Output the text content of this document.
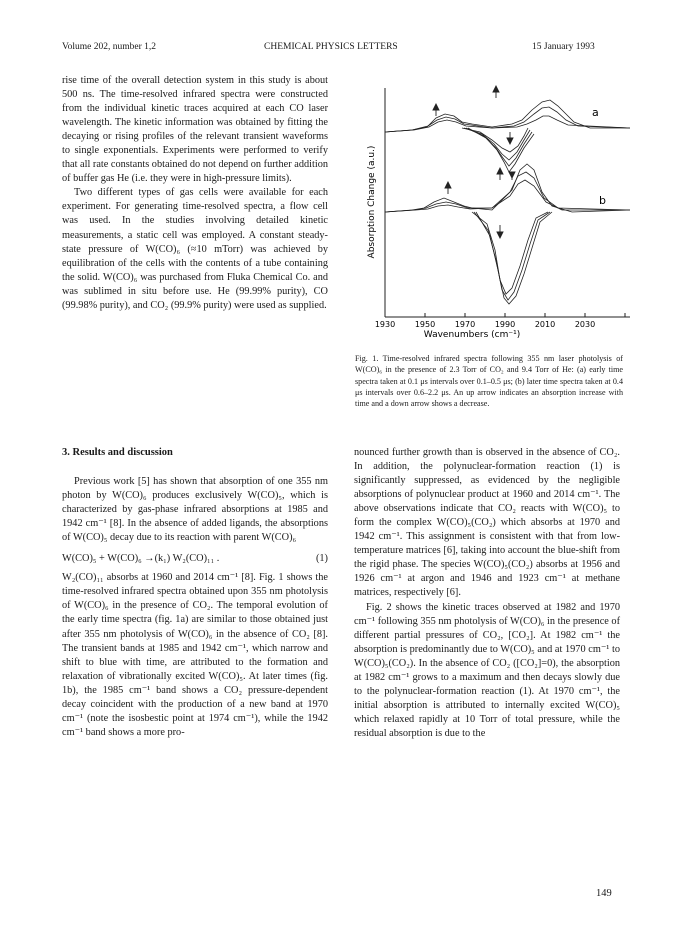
Volume 202, number 1,2	CHEMICAL PHYSICS LETTERS	15 January 1993

rise time of the overall detection system in this study is about 500 ns. The time-resolved infrared spectra were constructed from the individual kinetic traces acquired at each CO laser wavelength. The kinetic information was obtained by fitting the decaying or rising profiles of the relevant transient waveforms to single exponentials. Experiments were performed to verify that all rate constants obtained do not depend on further addition of buffer gas He (i.e. they were in high-pressure limits).

Two different types of gas cells were available for each experiment. For generating time-resolved spectra, a flow cell was used. In the studies involving detailed kinetic measurements, a static cell was employed. A constant steady-state pressure of W(CO)₆ (≈10 mTorr) was achieved by equilibration of the cells with the contents of a tube containing the solid. W(CO)₆ was purchased from Fluka Chemical Co. and was sublimed in situ before use. He (99.99% purity), CO (99.98% purity), and CO₂ (99.9% purity) were used as supplied.

1930 1950 1970 1990 2010 2030
Wavenumbers (cm⁻¹)
Absorption Change (a.u.)
a
b
Fig. 1. Time-resolved infrared spectra following 355 nm laser photolysis of W(CO)₆ in the presence of 2.3 Torr of CO₂ and 9.4 Torr of He: (a) early time spectra taken at 0.1 μs intervals over 0.1–0.5 μs; (b) later time spectra taken at 0.4 μs intervals over 0.6–2.2 μs. An up arrow indicates an absorption increase with time and a down arrow shows a decrease.

3. Results and discussion

Previous work [5] has shown that absorption of one 355 nm photon by W(CO)₆ produces exclusively W(CO)₅, which is characterized by gas-phase infrared absorptions at 1985 and 1942 cm⁻¹ [8]. In the absence of added ligands, the absorptions of W(CO)₅ decay due to its reaction with parent W(CO)₆

W(CO)₅ + W(CO)₆ →(k₁) W₂(CO)₁₁ .	(1)

W₂(CO)₁₁ absorbs at 1960 and 2014 cm⁻¹ [8]. Fig. 1 shows the time-resolved infrared spectra obtained upon 355 nm photolysis of W(CO)₆ in the presence of CO₂. The temporal evolution of the early time spectra (fig. 1a) are similar to those obtained just after 355 nm photolysis of W(CO)₆ in the absence of CO₂ [8]. The transient bands at 1985 and 1942 cm⁻¹, which narrow and shift to blue with time, are attributed to the formation and relaxation of vibrationally excited W(CO)₅. At later times (fig. 1b), the 1985 cm⁻¹ band shows a CO₂ pressure-dependent decay coincident with the production of a new band at 1970 cm⁻¹ (note the isosbestic point at 1974 cm⁻¹), while the 1942 cm⁻¹ band shows a more pro-

nounced further growth than is observed in the absence of CO₂. In addition, the polynuclear-formation reaction (1) is significantly suppressed, as evidenced by the negligible absorptions of polynuclear product at 1960 and 2014 cm⁻¹. The above observations indicate that CO₂ reacts with W(CO)₅ to form the complex W(CO)₅(CO₂) which absorbs at 1970 and 1942 cm⁻¹. This assignment is consistent with that from low-temperature matrices [6], taking into account the blue-shift from the rigid phase. The species W(CO)₅(CO₂) absorbs at 1956 and 1926 cm⁻¹ at argon and 1946 and 1923 cm⁻¹ at methane matrices, respectively [6].

Fig. 2 shows the kinetic traces observed at 1982 and 1970 cm⁻¹ following 355 nm photolysis of W(CO)₆ in the presence of different partial pressures of CO₂, [CO₂]. At 1982 cm⁻¹ the absorption is predominantly due to W(CO)₅ and at 1970 cm⁻¹ to W(CO)₅(CO₂). In the absence of CO₂ ([CO₂]=0), the absorption at 1982 cm⁻¹ grows to a maximum and then decays slowly due to the polynuclear-formation reaction (1). At 1970 cm⁻¹, the initial absorption is attributed to internally excited W(CO)₅ which relaxed rapidly at 10 Torr of total pressure, while the residual absorption is due to the

149
